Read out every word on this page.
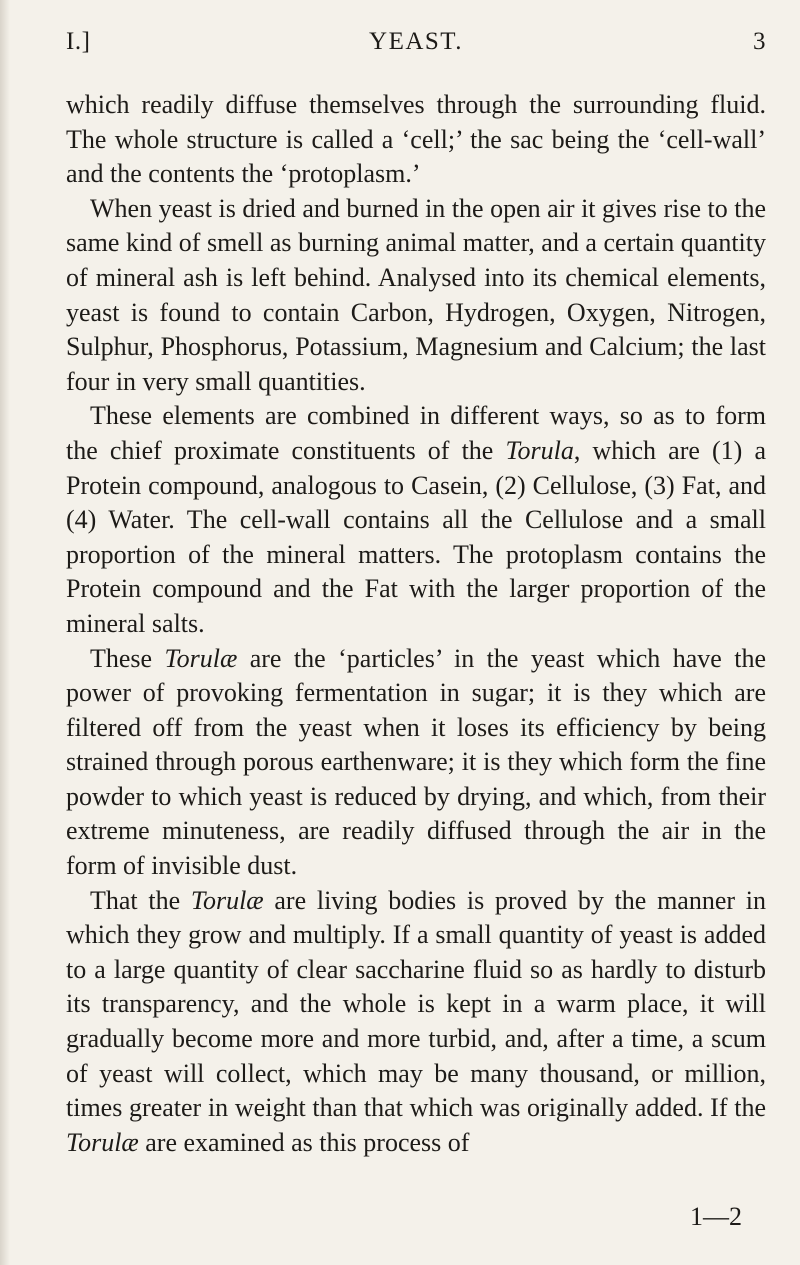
I.]	YEAST.	3

which readily diffuse themselves through the surrounding fluid. The whole structure is called a ‘cell;’ the sac being the ‘cell-wall’ and the contents the ‘protoplasm.’

When yeast is dried and burned in the open air it gives rise to the same kind of smell as burning animal matter, and a certain quantity of mineral ash is left behind. Analysed into its chemical elements, yeast is found to contain Carbon, Hydrogen, Oxygen, Nitrogen, Sulphur, Phosphorus, Potassium, Magnesium and Calcium; the last four in very small quantities.

These elements are combined in different ways, so as to form the chief proximate constituents of the Torula, which are (1) a Protein compound, analogous to Casein, (2) Cellulose, (3) Fat, and (4) Water. The cell-wall contains all the Cellulose and a small proportion of the mineral matters. The protoplasm contains the Protein compound and the Fat with the larger proportion of the mineral salts.

These Torulæ are the ‘particles’ in the yeast which have the power of provoking fermentation in sugar; it is they which are filtered off from the yeast when it loses its efficiency by being strained through porous earthenware; it is they which form the fine powder to which yeast is reduced by drying, and which, from their extreme minuteness, are readily diffused through the air in the form of invisible dust.

That the Torulæ are living bodies is proved by the manner in which they grow and multiply. If a small quantity of yeast is added to a large quantity of clear saccharine fluid so as hardly to disturb its transparency, and the whole is kept in a warm place, it will gradually become more and more turbid, and, after a time, a scum of yeast will collect, which may be many thousand, or million, times greater in weight than that which was originally added. If the Torulæ are examined as this process of

1—2
